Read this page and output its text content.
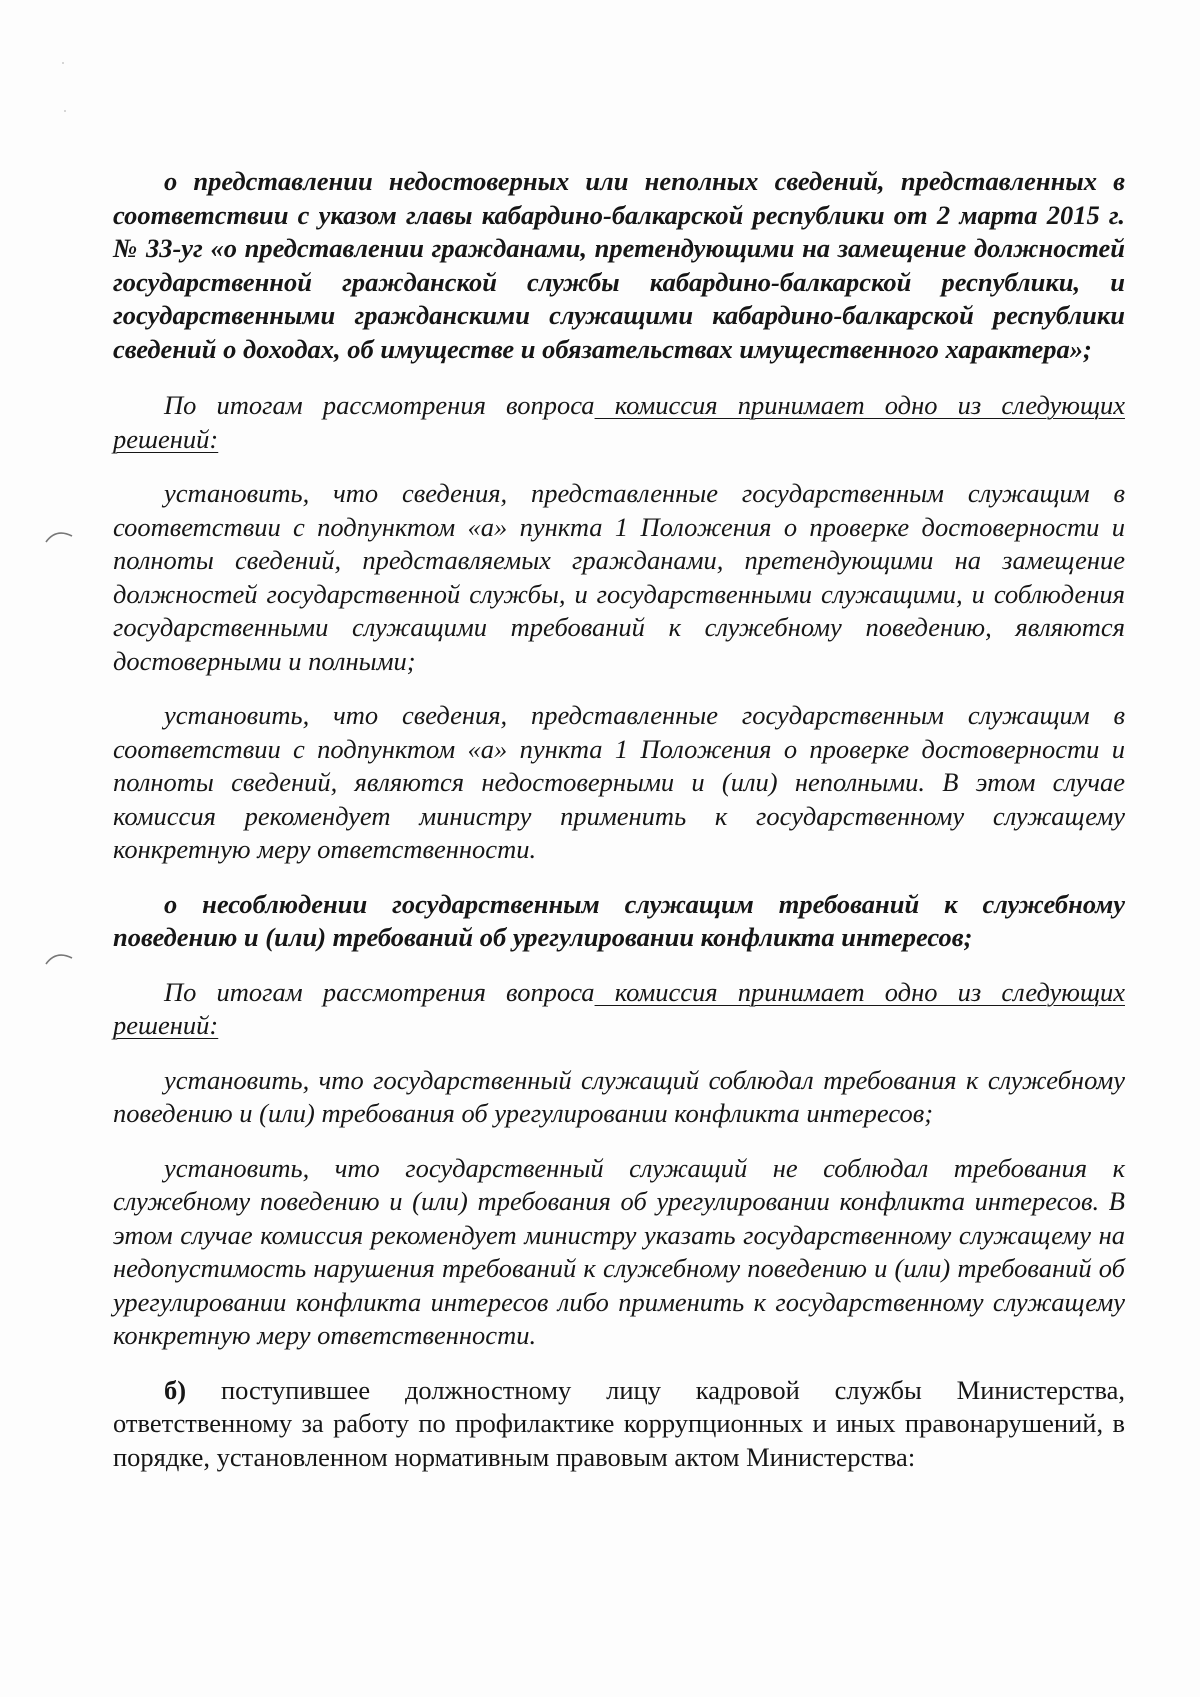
о представлении недостоверных или неполных сведений, представленных в соответствии с указом главы кабардино-балкарской республики от 2 марта 2015 г. № 33-уг «о представлении гражданами, претендующими на замещение должностей государственной гражданской службы кабардино-балкарской республики, и государственными гражданскими служащими кабардино-балкарской республики сведений о доходах, об имуществе и обязательствах имущественного характера»;

По итогам рассмотрения вопроса комиссия принимает одно из следующих решений:

установить, что сведения, представленные государственным служащим в соответствии с подпунктом «а» пункта 1 Положения о проверке достоверности и полноты сведений, представляемых гражданами, претендующими на замещение должностей государственной службы, и государственными служащими, и соблюдения государственными служащими требований к служебному поведению, являются достоверными и полными;

установить, что сведения, представленные государственным служащим в соответствии с подпунктом «а» пункта 1 Положения о проверке достоверности и полноты сведений, являются недостоверными и (или) неполными. В этом случае комиссия рекомендует министру применить к государственному служащему конкретную меру ответственности.

о несоблюдении государственным служащим требований к служебному поведению и (или) требований об урегулировании конфликта интересов;

По итогам рассмотрения вопроса комиссия принимает одно из следующих решений:

установить, что государственный служащий соблюдал требования к служебному поведению и (или) требования об урегулировании конфликта интересов;

установить, что государственный служащий не соблюдал требования к служебному поведению и (или) требования об урегулировании конфликта интересов. В этом случае комиссия рекомендует министру указать государственному служащему на недопустимость нарушения требований к служебному поведению и (или) требований об урегулировании конфликта интересов либо применить к государственному служащему конкретную меру ответственности.

б) поступившее должностному лицу кадровой службы Министерства, ответственному за работу по профилактике коррупционных и иных правонарушений, в порядке, установленном нормативным правовым актом Министерства:
